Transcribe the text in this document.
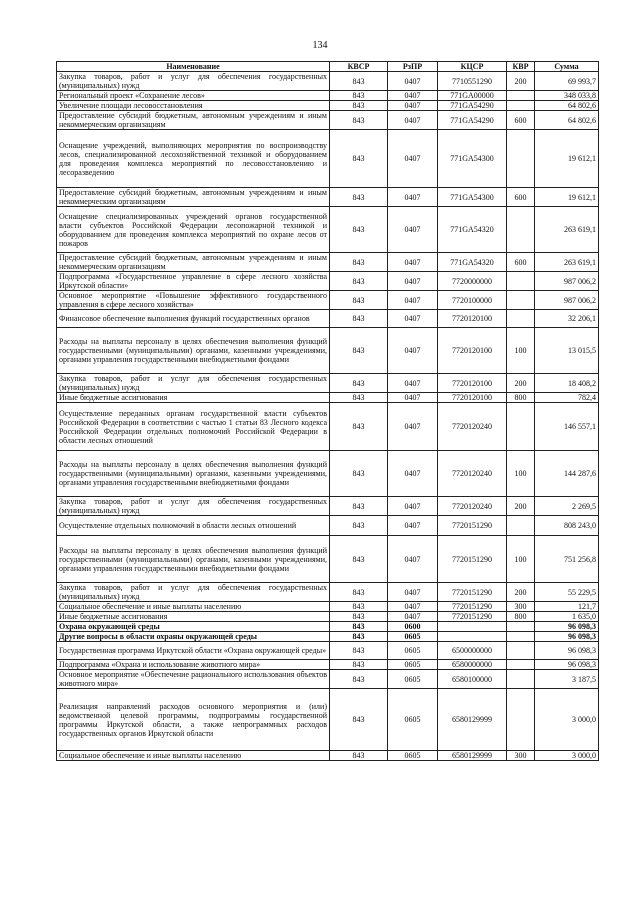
134
Наименование	КВСР	РзПР	КЦСР	КВР	Сумма
Закупка товаров, работ и услуг для обеспечения государственных (муниципальных) нужд	843	0407	7710551290	200	69 993,7
Региональный проект «Сохранение лесов»	843	0407	771GA00000		348 033,8
Увеличение площади лесовосстановления	843	0407	771GA54290		64 802,6
Предоставление субсидий бюджетным, автономным учреждениям и иным некоммерческим организациям	843	0407	771GA54290	600	64 802,6
Оснащение учреждений, выполняющих мероприятия по воспроизводству лесов, специализированной лесохозяйственной техникой и оборудованием для проведения комплекса мероприятий по лесовосстановлению и лесоразведению	843	0407	771GA54300		19 612,1
Предоставление субсидий бюджетным, автономным учреждениям и иным некоммерческим организациям	843	0407	771GA54300	600	19 612,1
Оснащение специализированных учреждений органов государственной власти субъектов Российской Федерации лесопожарной техникой и оборудованием для проведения комплекса мероприятий по охране лесов от пожаров	843	0407	771GA54320		263 619,1
Предоставление субсидий бюджетным, автономным учреждениям и иным некоммерческим организациям	843	0407	771GA54320	600	263 619,1
Подпрограмма «Государственное управление в сфере лесного хозяйства Иркутской области»	843	0407	7720000000		987 006,2
Основное мероприятие «Повышение эффективного государственного управления в сфере лесного хозяйства»	843	0407	7720100000		987 006,2
Финансовое обеспечение выполнения функций государственных органов	843	0407	7720120100		32 206,1
Расходы на выплаты персоналу в целях обеспечения выполнения функций государственными (муниципальными) органами, казенными учреждениями, органами управления государственными внебюджетными фондами	843	0407	7720120100	100	13 015,5
Закупка товаров, работ и услуг для обеспечения государственных (муниципальных) нужд	843	0407	7720120100	200	18 408,2
Иные бюджетные ассигнования	843	0407	7720120100	800	782,4
Осуществление переданных органам государственной власти субъектов Российской Федерации в соответствии с частью 1 статьи 83 Лесного кодекса Российской Федерации отдельных полномочий Российской Федерации в области лесных отношений	843	0407	7720120240		146 557,1
Расходы на выплаты персоналу в целях обеспечения выполнения функций государственными (муниципальными) органами, казенными учреждениями, органами управления государственными внебюджетными фондами	843	0407	7720120240	100	144 287,6
Закупка товаров, работ и услуг для обеспечения государственных (муниципальных) нужд	843	0407	7720120240	200	2 269,5
Осуществление отдельных полномочий в области лесных отношений	843	0407	7720151290		808 243,0
Расходы на выплаты персоналу в целях обеспечения выполнения функций государственными (муниципальными) органами, казенными учреждениями, органами управления государственными внебюджетными фондами	843	0407	7720151290	100	751 256,8
Закупка товаров, работ и услуг для обеспечения государственных (муниципальных) нужд	843	0407	7720151290	200	55 229,5
Социальное обеспечение и иные выплаты населению	843	0407	7720151290	300	121,7
Иные бюджетные ассигнования	843	0407	7720151290	800	1 635,0
Охрана окружающей среды	843	0600			96 098,3
Другие вопросы в области охраны окружающей среды	843	0605			96 098,3
Государственная программа Иркутской области «Охрана окружающей среды»	843	0605	6500000000		96 098,3
Подпрограмма «Охрана и использование животного мира»	843	0605	6580000000		96 098,3
Основное мероприятие «Обеспечение рационального использования объектов животного мира»	843	0605	6580100000		3 187,5
Реализация направлений расходов основного мероприятия и (или) ведомственной целевой программы, подпрограммы государственной программы Иркутской области, а также непрограммных расходов государственных органов Иркутской области	843	0605	6580129999		3 000,0
Социальное обеспечение и иные выплаты населению	843	0605	6580129999	300	3 000,0
